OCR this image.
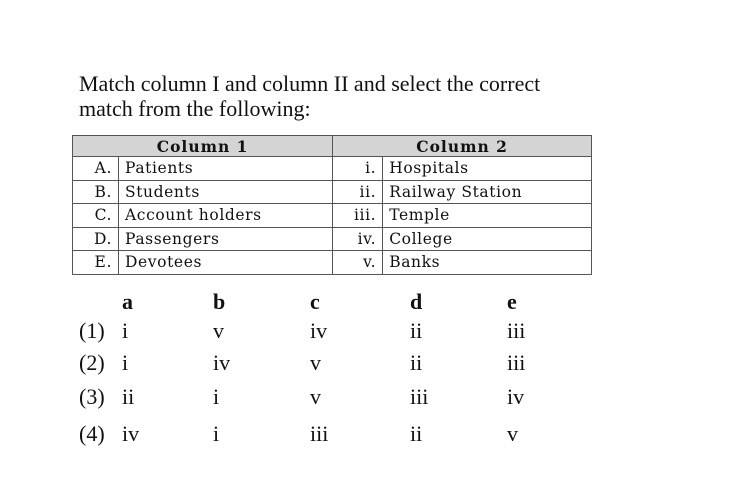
Match column I and column II and select the correct
match from the following:
Column 1		Column 2	
A.	Patients	i.	Hospitals
B.	Students	ii.	Railway Station
C.	Account holders	iii.	Temple
D.	Passengers	iv.	College
E.	Devotees	v.	Banks
a	b	c	d	e
(1) i	v	iv	ii	iii
(2) i	iv	v	ii	iii
(3) ii	i	v	iii	iv
(4) iv	i	iii	ii	v
